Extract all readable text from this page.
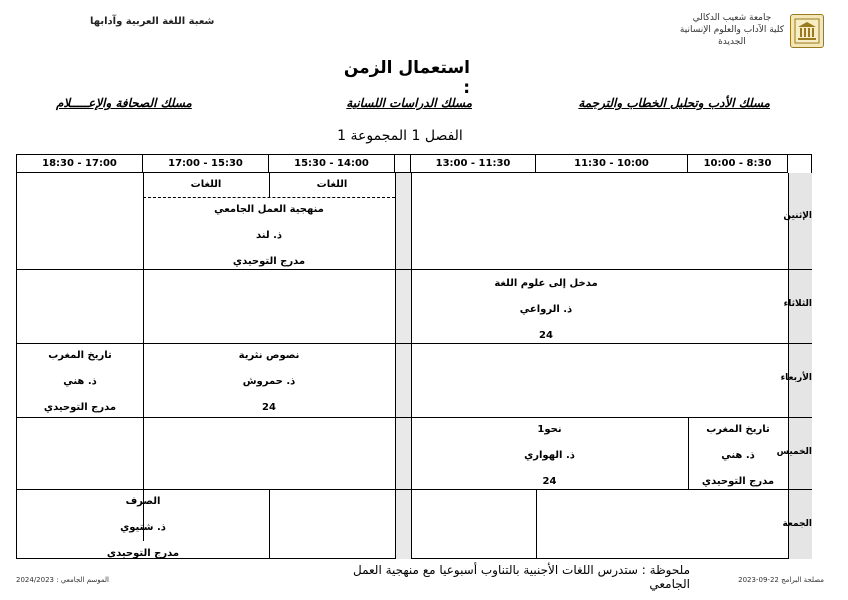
جامعة شعيب الدكالي
كلية الآداب والعلوم الإنسانية
الجديدة
شعبة اللغة العربية وآدابها
استعمال الزمن :
مسلك الأدب وتحليل الخطاب والترجمة
مسلك الدراسات اللسانية
مسلك الصحافة والإعـــــلام
الفصل 1 المجموعة 1
10:00 - 8:30
11:30 - 10:00
13:00 - 11:30
15:30 - 14:00
17:00 - 15:30
18:30 - 17:00
الإثنين
الثلاثاء
الأربعاء
الخميس
الجمعة
اللغات
اللغات
منهجية العمل الجامعي
ذ. لند
مدرج التوحيدي
مدخل إلى علوم اللغة
ذ. الرواعي
24
نصوص نثرية
ذ. حمروش
24
تاريخ المغرب
ذ. هني
مدرج التوحيدي
تاريخ المغرب
ذ. هني
مدرج التوحيدي
نحو1
ذ. الهواري
24
الصرف
ذ. شتيوي
مدرج التوحيدي
ملحوظة : ستدرس اللغات الأجنبية بالتناوب أسبوعيا مع منهجية العمل الجامعي
الموسم الجامعي : 2024/2023	مصلحة البرامج 22-09-2023
